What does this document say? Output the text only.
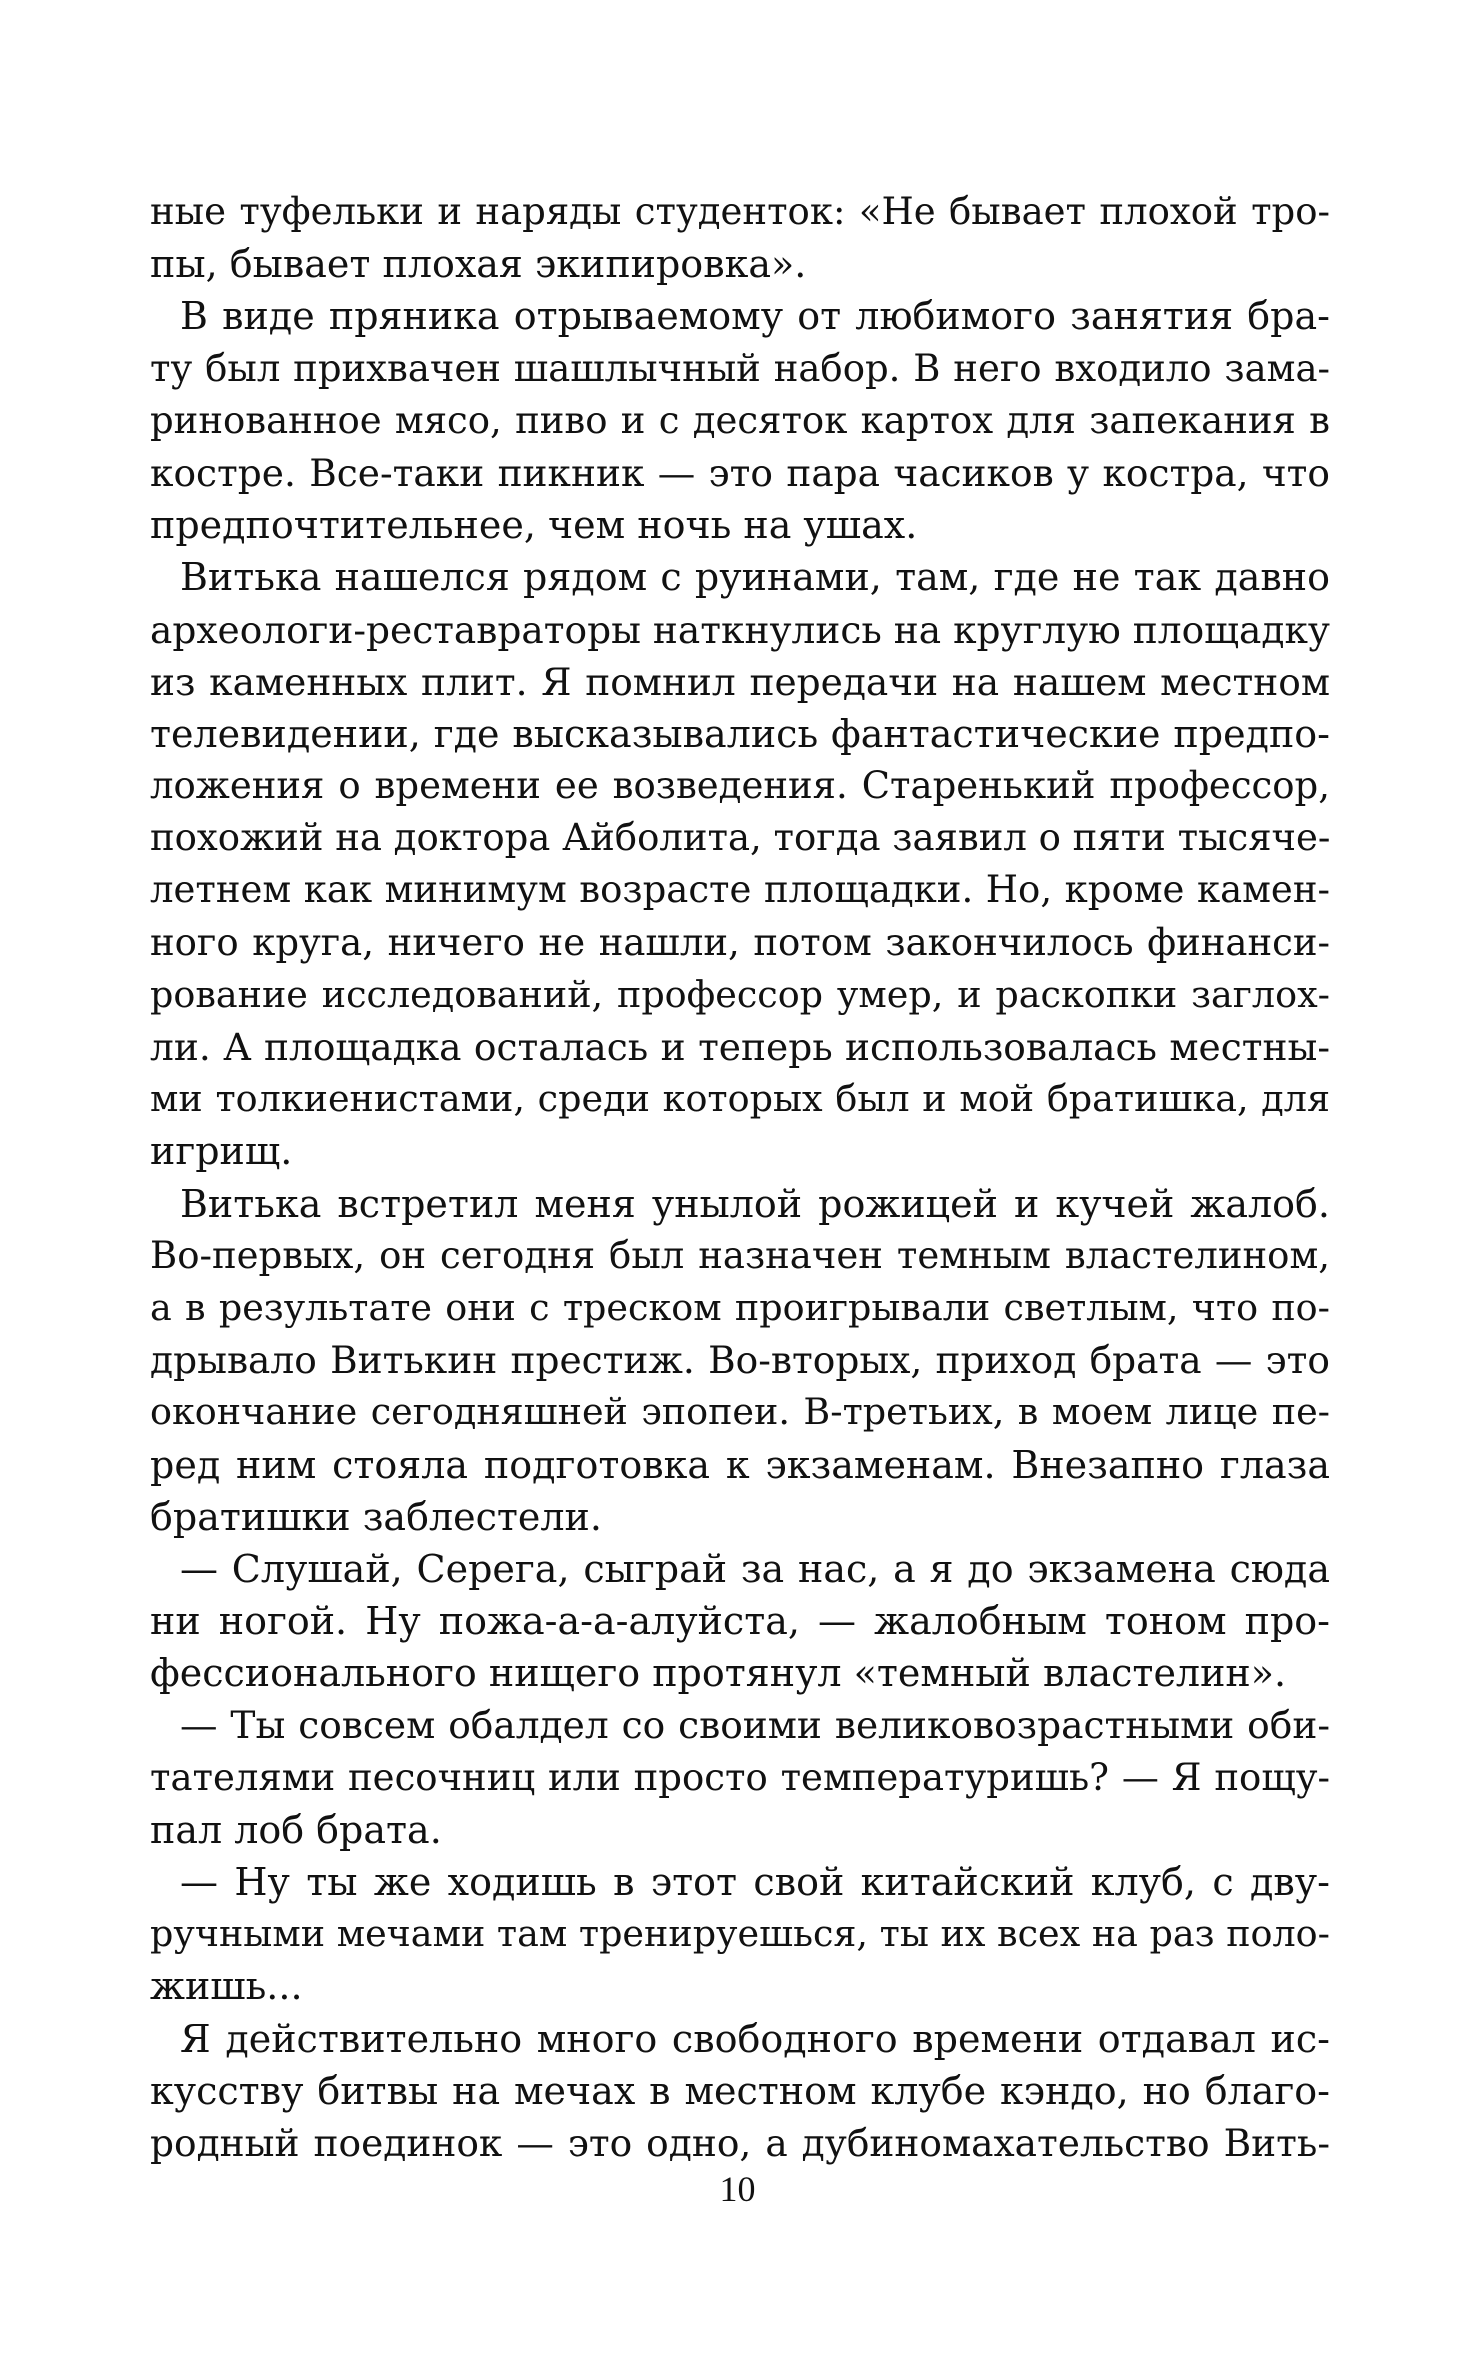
ные туфельки и наряды студенток: «Не бывает плохой тро-
пы, бывает плохая экипировка».
В виде пряника отрываемому от любимого занятия бра-
ту был прихвачен шашлычный набор. В него входило зама-
ринованное мясо, пиво и с десяток картох для запекания в
костре. Все-таки пикник — это пара часиков у костра, что
предпочтительнее, чем ночь на ушах.
Витька нашелся рядом с руинами, там, где не так давно
археологи-реставраторы наткнулись на круглую площадку
из каменных плит. Я помнил передачи на нашем местном
телевидении, где высказывались фантастические предпо-
ложения о времени ее возведения. Старенький профессор,
похожий на доктора Айболита, тогда заявил о пяти тысяче-
летнем как минимум возрасте площадки. Но, кроме камен-
ного круга, ничего не нашли, потом закончилось финанси-
рование исследований, профессор умер, и раскопки заглох-
ли. А площадка осталась и теперь использовалась местны-
ми толкиенистами, среди которых был и мой братишка, для
игрищ.
Витька встретил меня унылой рожицей и кучей жалоб.
Во-первых, он сегодня был назначен темным властелином,
а в результате они с треском проигрывали светлым, что по-
дрывало Витькин престиж. Во-вторых, приход брата — это
окончание сегодняшней эпопеи. В-третьих, в моем лице пе-
ред ним стояла подготовка к экзаменам. Внезапно глаза
братишки заблестели.
— Слушай, Серега, сыграй за нас, а я до экзамена сюда
ни ногой. Ну пожа-а-а-алуйста, — жалобным тоном про-
фессионального нищего протянул «темный властелин».
— Ты совсем обалдел со своими великовозрастными оби-
тателями песочниц или просто температуришь? — Я пощу-
пал лоб брата.
— Ну ты же ходишь в этот свой китайский клуб, с дву-
ручными мечами там тренируешься, ты их всех на раз поло-
жишь...
Я действительно много свободного времени отдавал ис-
кусству битвы на мечах в местном клубе кэндо, но благо-
родный поединок — это одно, а дубиномахательство Вить-
10
